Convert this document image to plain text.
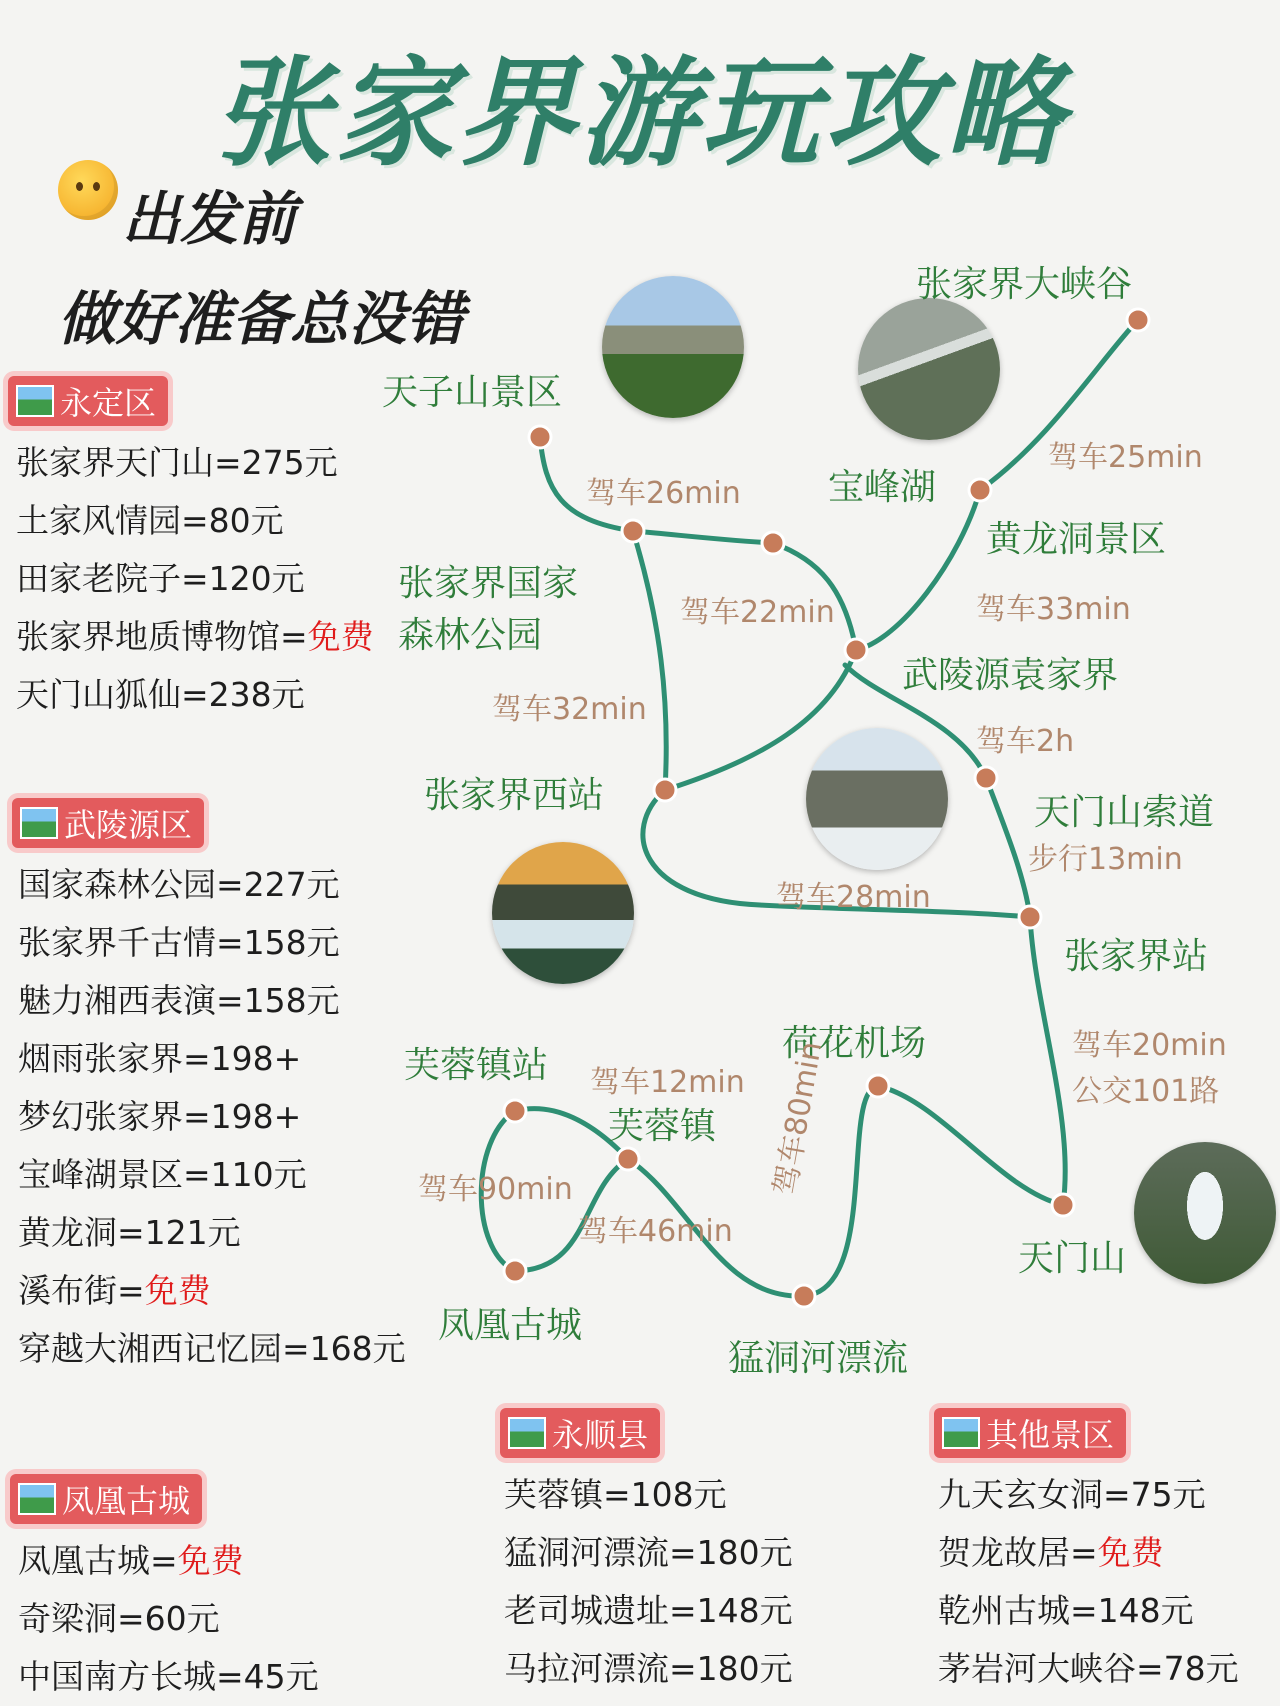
张家界游玩攻略
出发前
做好准备总没错
天子山景区
张家界大峡谷
宝峰湖
黄龙洞景区
张家界国家
森林公园
武陵源袁家界
张家界西站	天门山索道
张家界站
芙蓉镇站
荷花机场
芙蓉镇
天门山
凤凰古城
猛洞河漂流
驾车26min
驾车25min
驾车22min	驾车33min
驾车32min
驾车2h
步行13min
驾车28min
驾车20min
公交101路
驾车12min
驾车90min
驾车46min
驾车80min
永定区
张家界天门山=275元
土家风情园=80元
田家老院子=120元
张家界地质博物馆=免费
天门山狐仙=238元
武陵源区
国家森林公园=227元
张家界千古情=158元
魅力湘西表演=158元
烟雨张家界=198+
梦幻张家界=198+
宝峰湖景区=110元
黄龙洞=121元
溪布街=免费
穿越大湘西记忆园=168元
凤凰古城
凤凰古城=免费
奇梁洞=60元
中国南方长城=45元
永顺县
芙蓉镇=108元
猛洞河漂流=180元
老司城遗址=148元
马拉河漂流=180元
其他景区
九天玄女洞=75元
贺龙故居=免费
乾州古城=148元
茅岩河大峡谷=78元
